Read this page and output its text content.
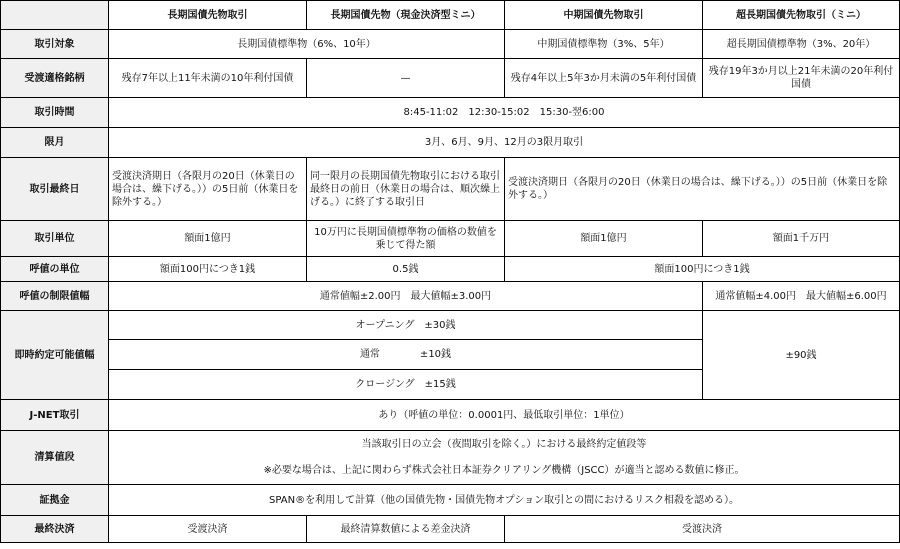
	長期国債先物取引	長期国債先物（現金決済型ミニ）	中期国債先物取引	超長期国債先物取引（ミニ）
取引対象	長期国債標準物（6%、10年）		中期国債標準物（3%、5年）	超長期国債標準物（3%、20年）
受渡適格銘柄	残存7年以上11年未満の10年利付国債	—	残存4年以上5年3か月未満の5年利付国債	残存19年3か月以上21年未満の20年利付国債
取引時間	8:45-11:02　12:30-15:02　15:30-翌6:00			
限月	3月、6月、9月、12月の3限月取引			
取引最終日	受渡決済期日（各限月の20日（休業日の場合は、繰下げる。））の5日前（休業日を除外する。）	同一限月の長期国債先物取引における取引最終日の前日（休業日の場合は、順次繰上げる。）に終了する取引日	受渡決済期日（各限月の20日（休業日の場合は、繰下げる。））の5日前（休業日を除外する。）	
取引単位	額面1億円	10万円に長期国債標準物の価格の数値を乗じて得た額	額面1億円	額面1千万円
呼値の単位	額面100円につき1銭	0.5銭	額面100円につき1銭	
呼値の制限値幅	通常値幅±2.00円　最大値幅±3.00円			通常値幅±4.00円　最大値幅±6.00円
即時約定可能値幅	オープニング　±30銭			±90銭
	通常　　　　±10銭			
	クロージング　±15銭			
J-NET取引	あり（呼値の単位：0.0001円、最低取引単位：1単位）			
清算値段	当該取引日の立会（夜間取引を除く。）における最終約定値段等			
	※必要な場合は、上記に関わらず株式会社日本証券クリアリング機構（JSCC）が適当と認める数値に修正。			
証拠金	SPAN®を利用して計算（他の国債先物・国債先物オプション取引との間におけるリスク相殺を認める）。			
最終決済	受渡決済	最終清算数値による差金決済	受渡決済	
